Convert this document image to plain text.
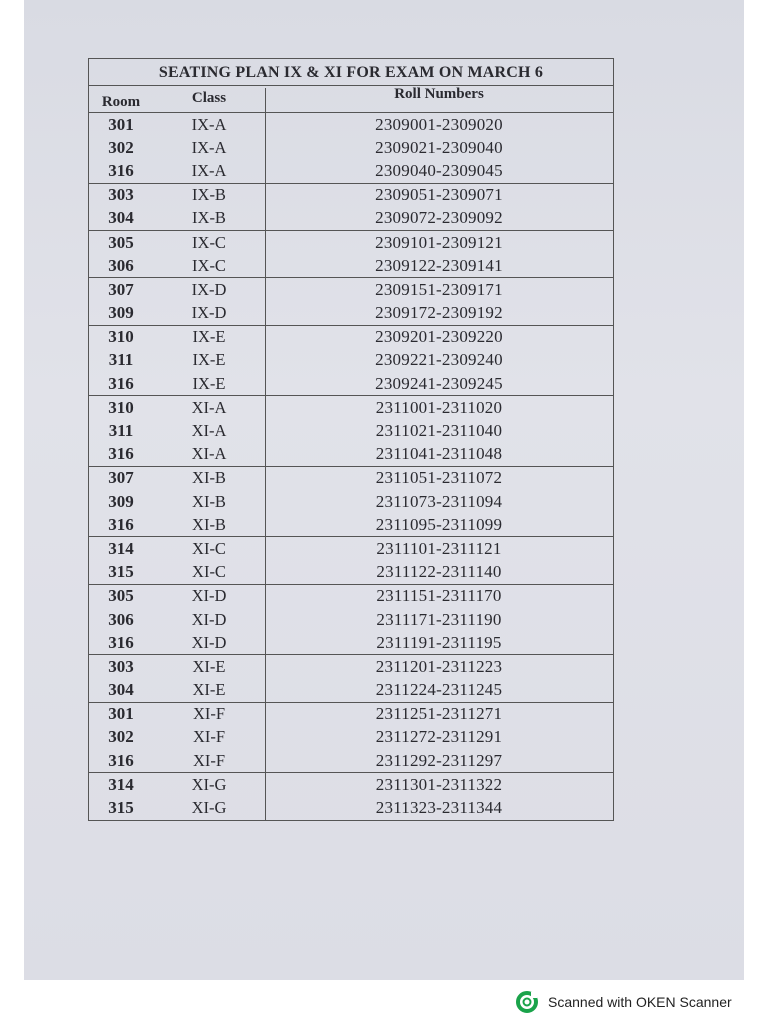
SEATING PLAN IX & XI FOR EXAM ON MARCH 6
Room	Class	Roll Numbers
301	IX-A	2309001-2309020
302	IX-A	2309021-2309040
316	IX-A	2309040-2309045
303	IX-B	2309051-2309071
304	IX-B	2309072-2309092
305	IX-C	2309101-2309121
306	IX-C	2309122-2309141
307	IX-D	2309151-2309171
309	IX-D	2309172-2309192
310	IX-E	2309201-2309220
311	IX-E	2309221-2309240
316	IX-E	2309241-2309245
310	XI-A	2311001-2311020
311	XI-A	2311021-2311040
316	XI-A	2311041-2311048
307	XI-B	2311051-2311072
309	XI-B	2311073-2311094
316	XI-B	2311095-2311099
314	XI-C	2311101-2311121
315	XI-C	2311122-2311140
305	XI-D	2311151-2311170
306	XI-D	2311171-2311190
316	XI-D	2311191-2311195
303	XI-E	2311201-2311223
304	XI-E	2311224-2311245
301	XI-F	2311251-2311271
302	XI-F	2311272-2311291
316	XI-F	2311292-2311297
314	XI-G	2311301-2311322
315	XI-G	2311323-2311344
Scanned with OKEN Scanner
